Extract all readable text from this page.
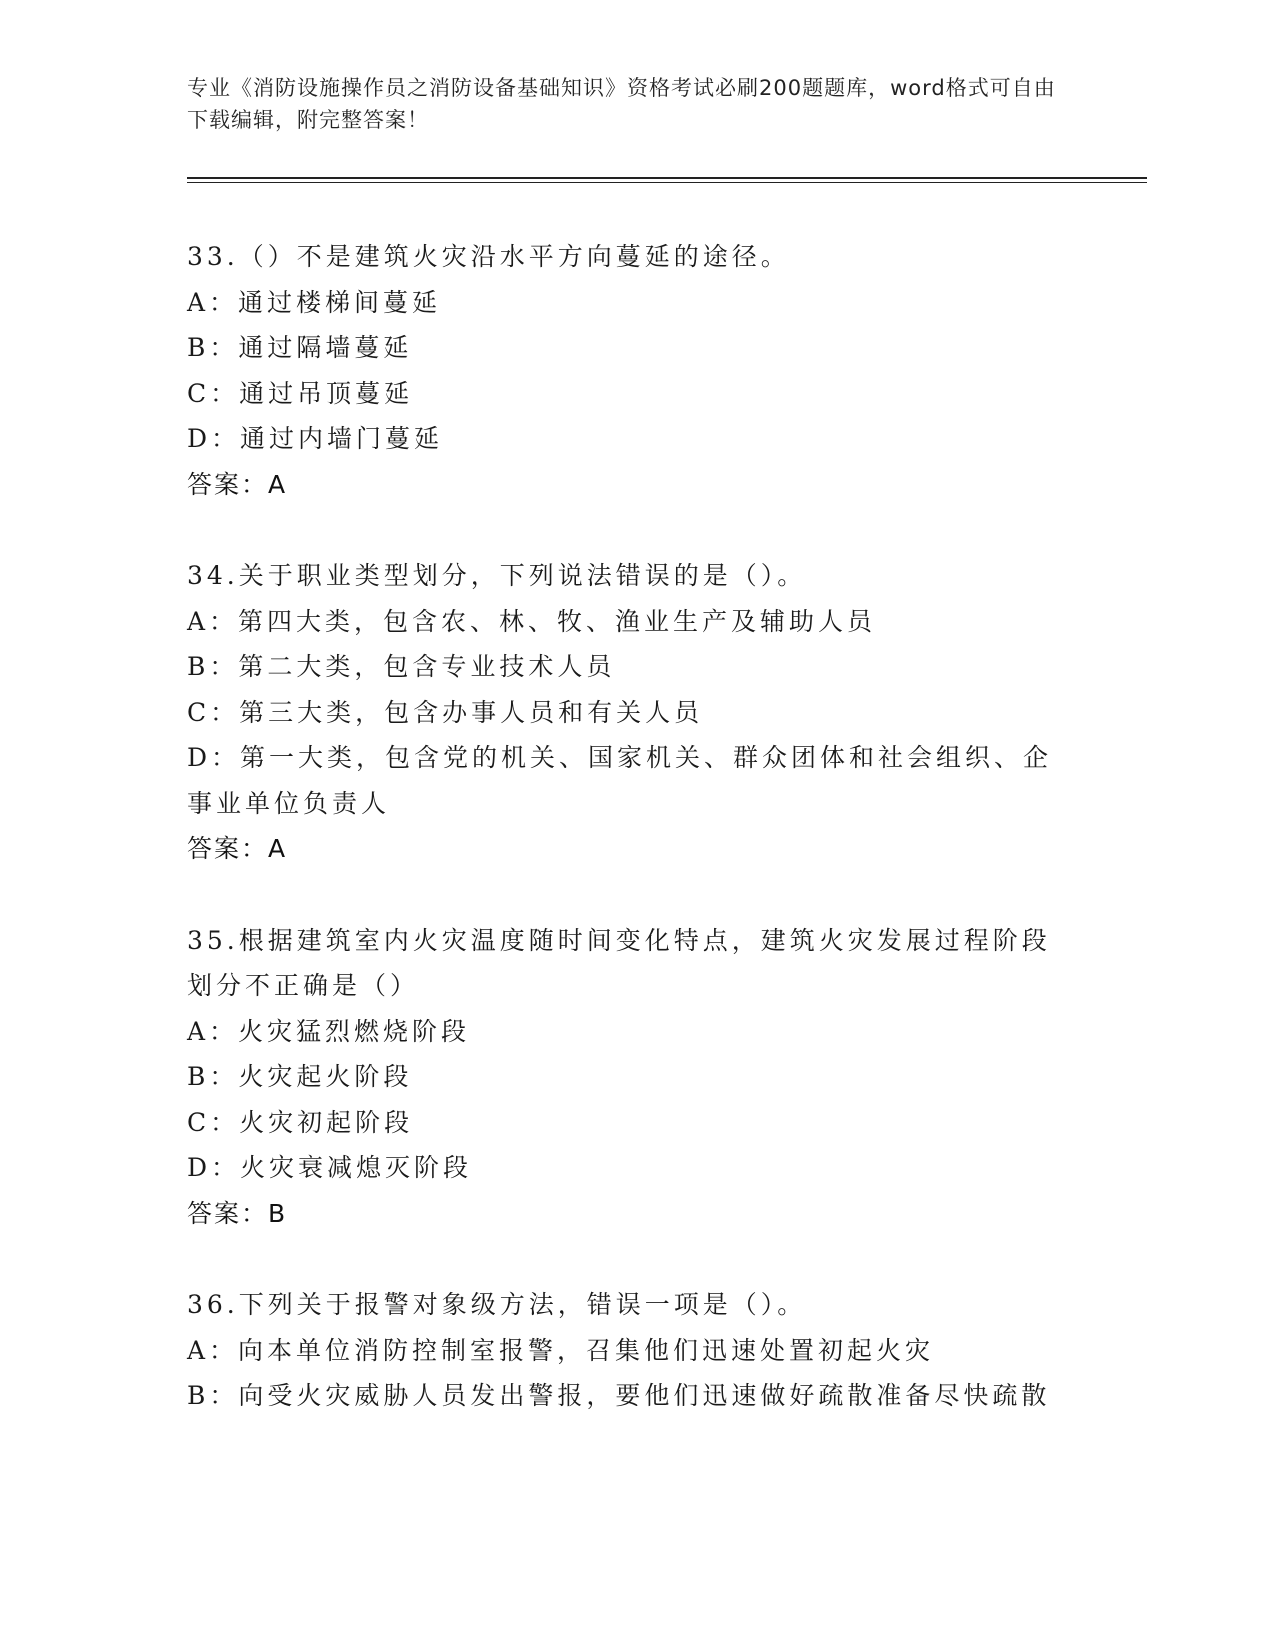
专业《消防设施操作员之消防设备基础知识》资格考试必刷200题题库，word格式可自由下载编辑，附完整答案！
33.（）不是建筑火灾沿水平方向蔓延的途径。
A：通过楼梯间蔓延
B：通过隔墙蔓延
C：通过吊顶蔓延
D：通过内墙门蔓延
答案：A
34.关于职业类型划分，下列说法错误的是（）。
A：第四大类，包含农、林、牧、渔业生产及辅助人员
B：第二大类，包含专业技术人员
C：第三大类，包含办事人员和有关人员
D：第一大类，包含党的机关、国家机关、群众团体和社会组织、企事业单位负责人
答案：A
35.根据建筑室内火灾温度随时间变化特点，建筑火灾发展过程阶段划分不正确是（）
A：火灾猛烈燃烧阶段
B：火灾起火阶段
C：火灾初起阶段
D：火灾衰减熄灭阶段
答案：B
36.下列关于报警对象级方法，错误一项是（）。
A：向本单位消防控制室报警，召集他们迅速处置初起火灾
B：向受火灾威胁人员发出警报，要他们迅速做好疏散准备尽快疏散
